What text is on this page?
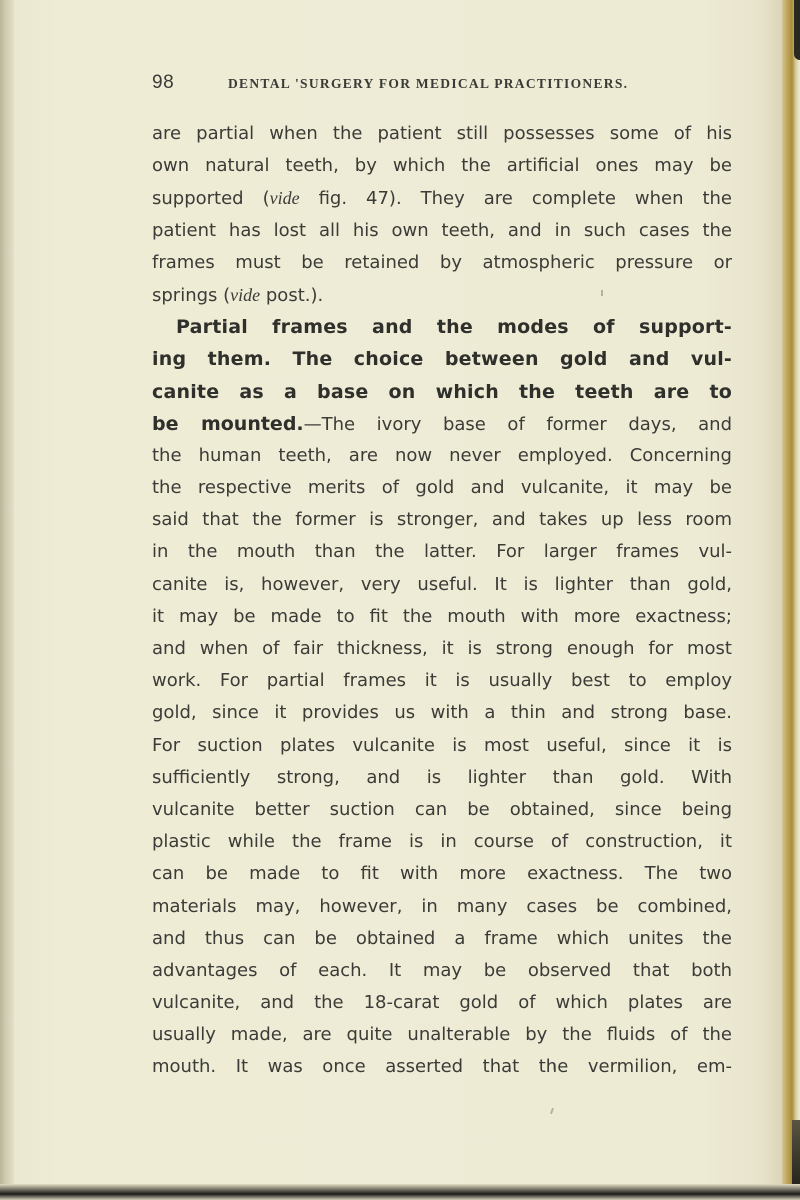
98	DENTAL 'SURGERY FOR MEDICAL PRACTITIONERS.
are partial when the patient still possesses some of his
own natural teeth, by which the artificial ones may be
supported (vide fig. 47). They are complete when the
patient has lost all his own teeth, and in such cases the
frames must be retained by atmospheric pressure or
springs (vide post.).
Partial frames and the modes of support-
ing them. The choice between gold and vul-
canite as a base on which the teeth are to
be mounted.—The ivory base of former days, and
the human teeth, are now never employed. Concerning
the respective merits of gold and vulcanite, it may be
said that the former is stronger, and takes up less room
in the mouth than the latter. For larger frames vul-
canite is, however, very useful. It is lighter than gold,
it may be made to fit the mouth with more exactness;
and when of fair thickness, it is strong enough for most
work. For partial frames it is usually best to employ
gold, since it provides us with a thin and strong base.
For suction plates vulcanite is most useful, since it is
sufficiently strong, and is lighter than gold. With
vulcanite better suction can be obtained, since being
plastic while the frame is in course of construction, it
can be made to fit with more exactness. The two
materials may, however, in many cases be combined,
and thus can be obtained a frame which unites the
advantages of each. It may be observed that both
vulcanite, and the 18-carat gold of which plates are
usually made, are quite unalterable by the fluids of the
mouth. It was once asserted that the vermilion, em-
